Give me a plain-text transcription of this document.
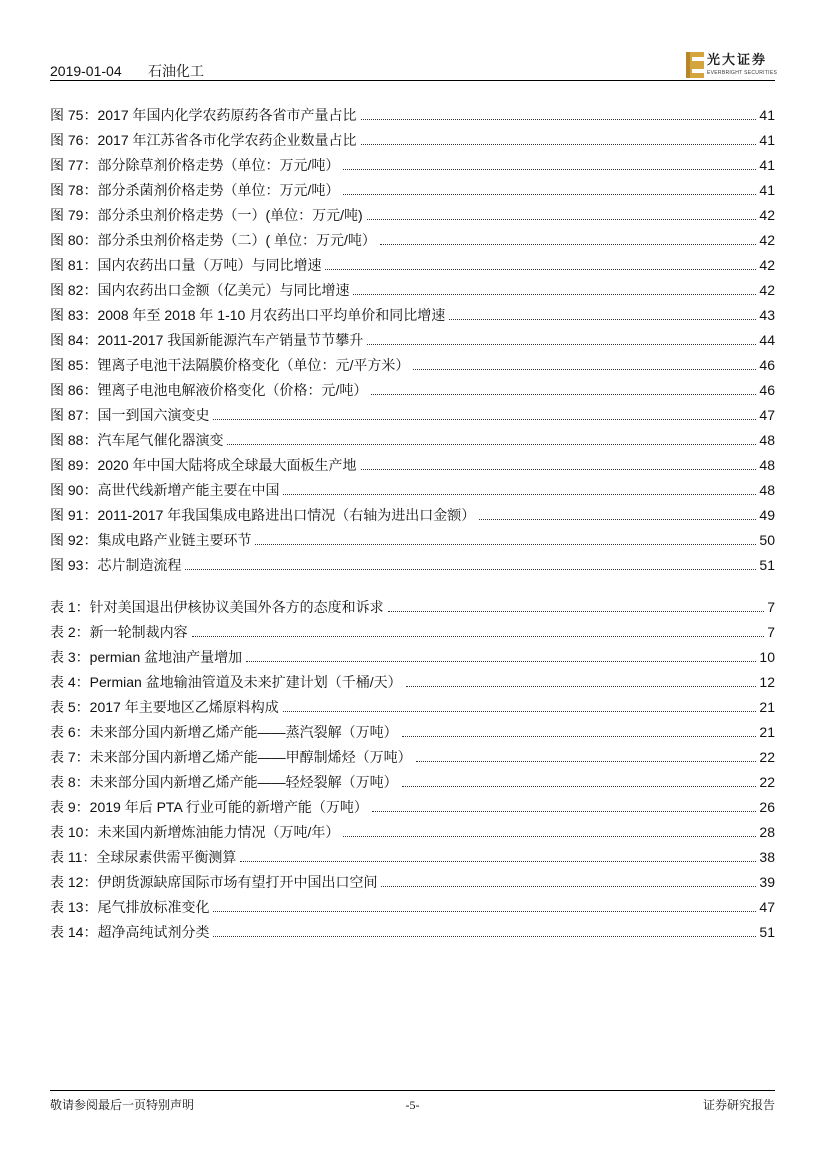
2019-01-04 石油化工
光大证券
EVERBRIGHT SECURITIES
图 75：2017 年国内化学农药原药各省市产量占比	41
图 76：2017 年江苏省各市化学农药企业数量占比	41
图 77：部分除草剂价格走势（单位：万元/吨）	41
图 78：部分杀菌剂价格走势（单位：万元/吨）	41
图 79：部分杀虫剂价格走势（一）(单位：万元/吨)	42
图 80：部分杀虫剂价格走势（二）( 单位：万元/吨）	42
图 81：国内农药出口量（万吨）与同比增速	42
图 82：国内农药出口金额（亿美元）与同比增速	42
图 83：2008 年至 2018 年 1-10 月农药出口平均单价和同比增速	43
图 84：2011-2017 我国新能源汽车产销量节节攀升	44
图 85：锂离子电池干法隔膜价格变化（单位：元/平方米）	46
图 86：锂离子电池电解液价格变化（价格：元/吨）	46
图 87：国一到国六演变史	47
图 88：汽车尾气催化器演变	48
图 89：2020 年中国大陆将成全球最大面板生产地	48
图 90：高世代线新增产能主要在中国	48
图 91：2011-2017 年我国集成电路进出口情况（右轴为进出口金额）	49
图 92：集成电路产业链主要环节	50
图 93：芯片制造流程	51
表 1：针对美国退出伊核协议美国外各方的态度和诉求	7
表 2：新一轮制裁内容	7
表 3：permian 盆地油产量增加	10
表 4：Permian 盆地输油管道及未来扩建计划（千桶/天）	12
表 5：2017 年主要地区乙烯原料构成	21
表 6：未来部分国内新增乙烯产能——蒸汽裂解（万吨）	21
表 7：未来部分国内新增乙烯产能——甲醇制烯烃（万吨）	22
表 8：未来部分国内新增乙烯产能——轻烃裂解（万吨）	22
表 9：2019 年后 PTA 行业可能的新增产能（万吨）	26
表 10：未来国内新增炼油能力情况（万吨/年）	28
表 11：全球尿素供需平衡测算	38
表 12：伊朗货源缺席国际市场有望打开中国出口空间	39
表 13：尾气排放标准变化	47
表 14：超净高纯试剂分类	51
敬请参阅最后一页特别声明	-5-	证券研究报告
